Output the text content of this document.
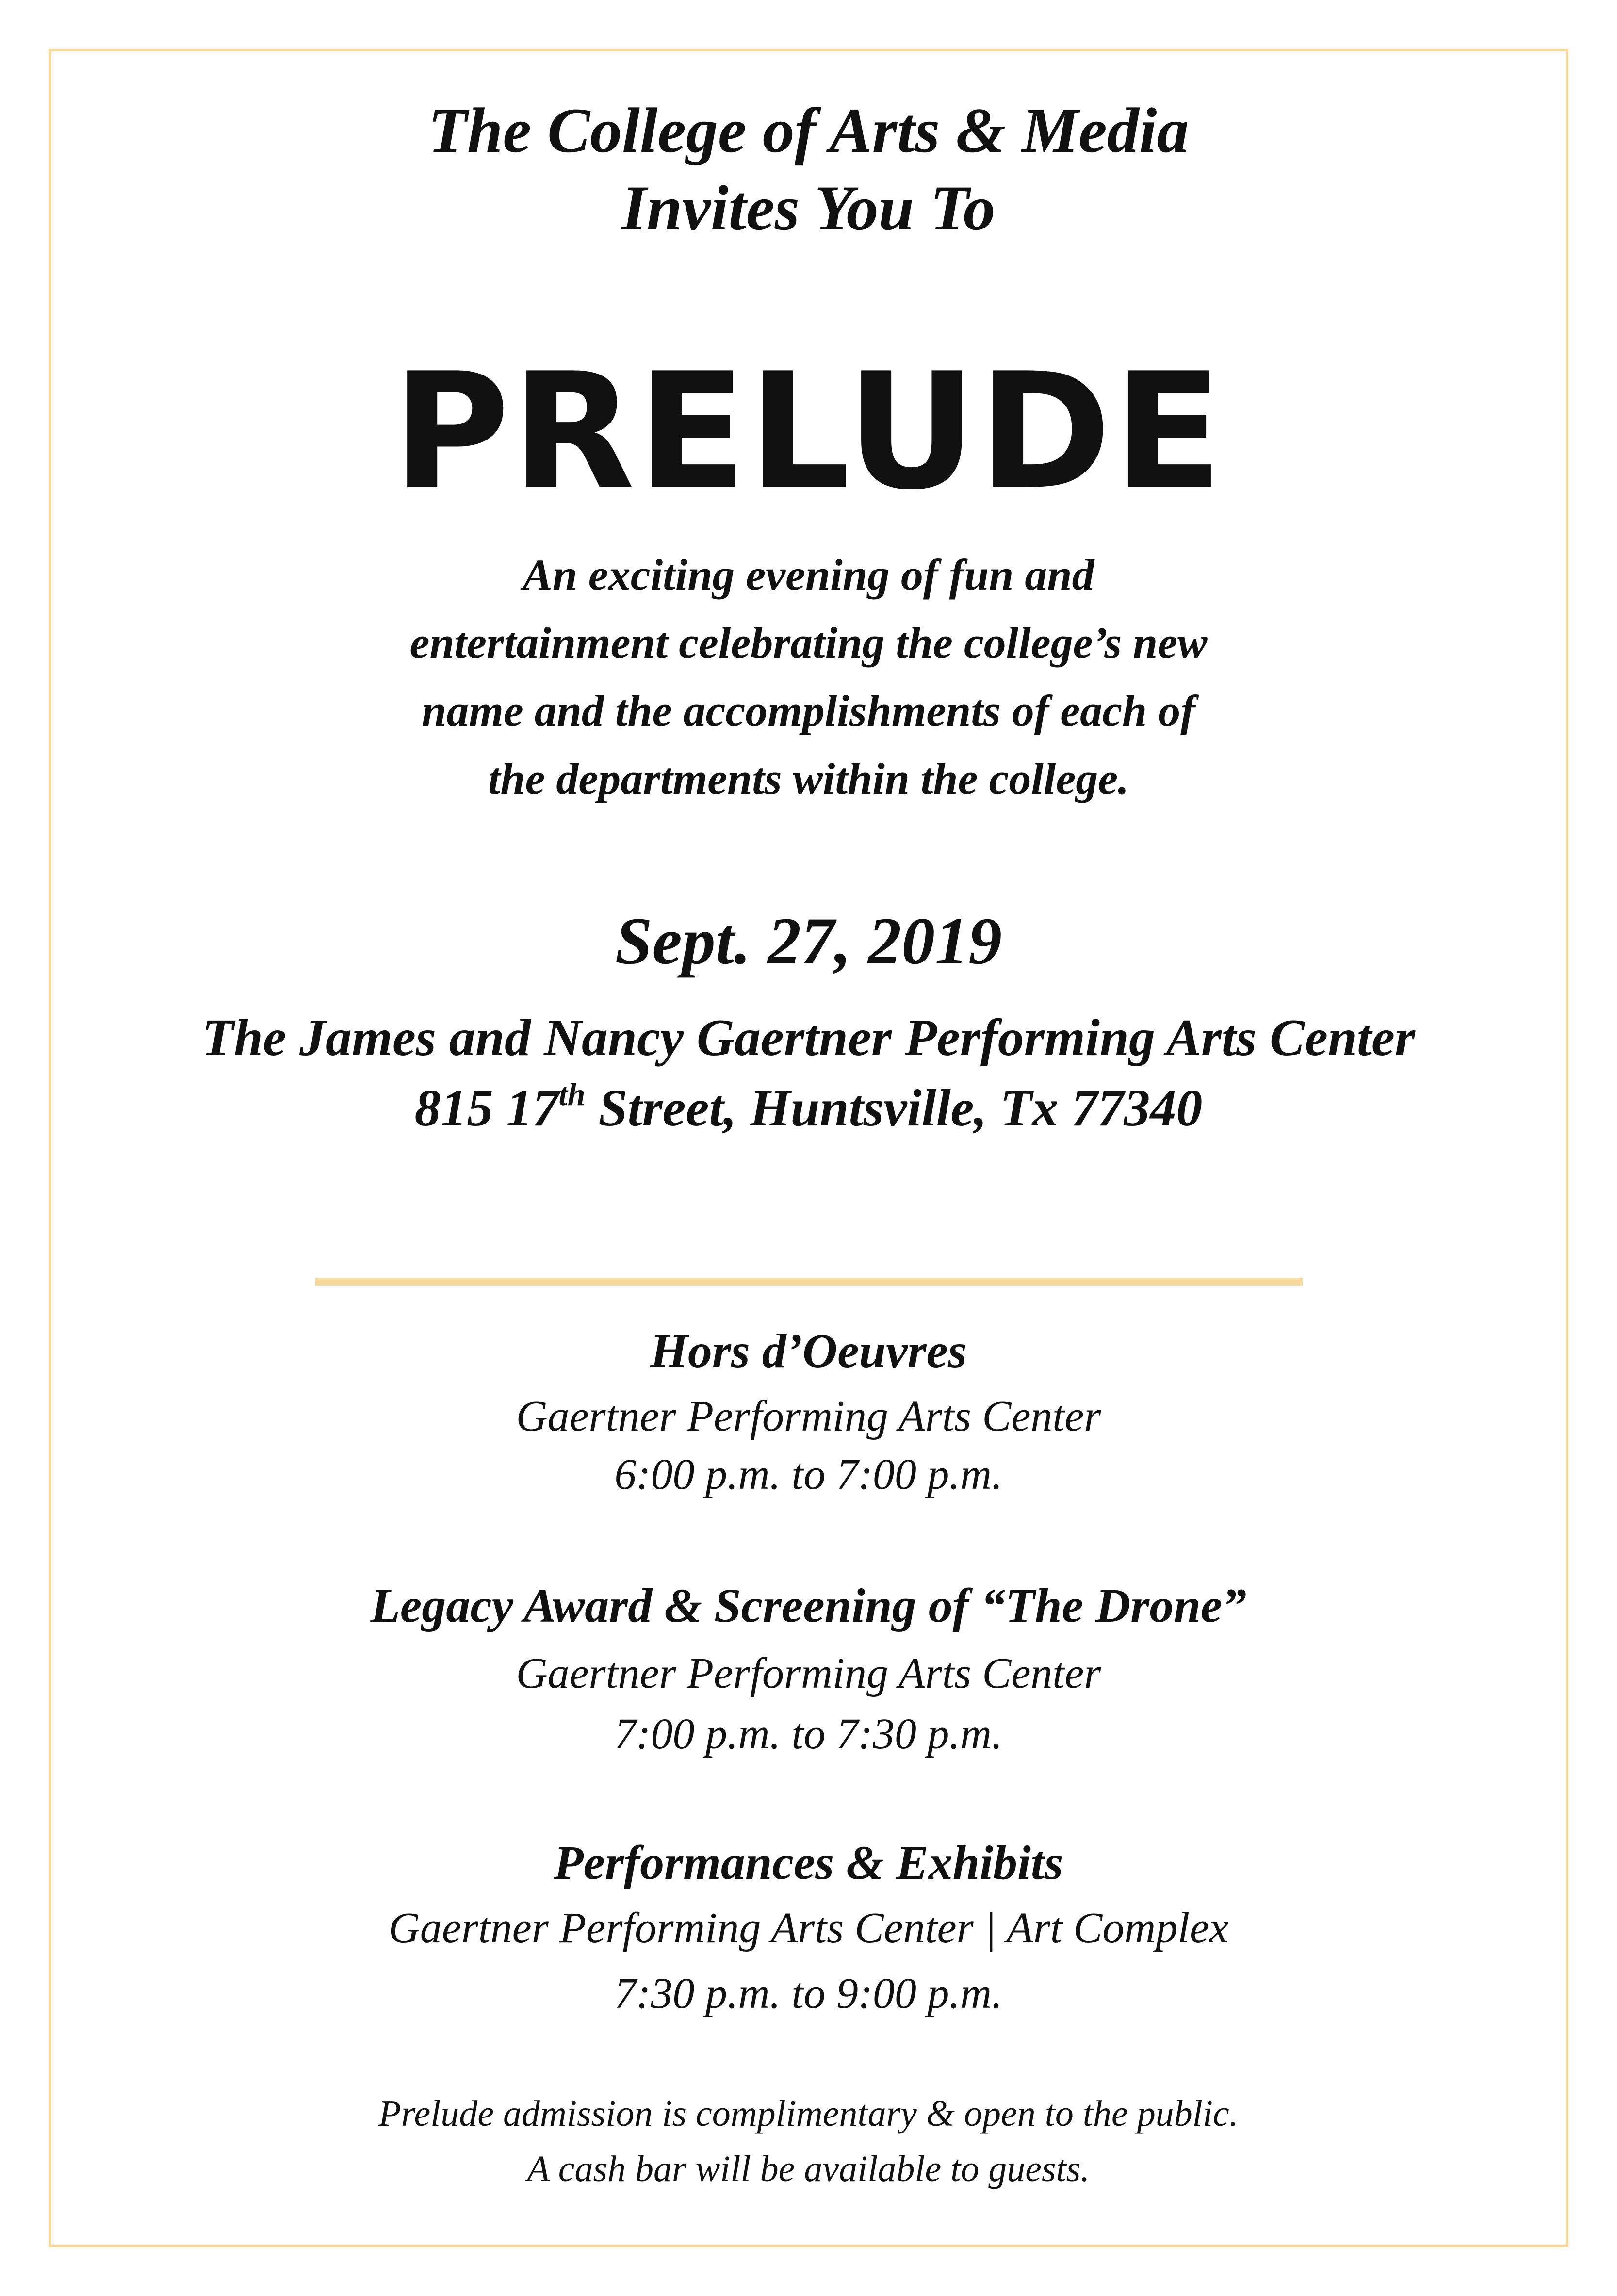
The College of Arts & Media
Invites You To
PRELUDE
An exciting evening of fun and
entertainment celebrating the college’s new
name and the accomplishments of each of
the departments within the college.
Sept. 27, 2019
The James and Nancy Gaertner Performing Arts Center
815 17th Street, Huntsville, Tx 77340
Hors d’Oeuvres
Gaertner Performing Arts Center
6:00 p.m. to 7:00 p.m.
Legacy Award & Screening of “The Drone”
Gaertner Performing Arts Center
7:00 p.m. to 7:30 p.m.
Performances & Exhibits
Gaertner Performing Arts Center | Art Complex
7:30 p.m. to 9:00 p.m.
Prelude admission is complimentary & open to the public.
A cash bar will be available to guests.
